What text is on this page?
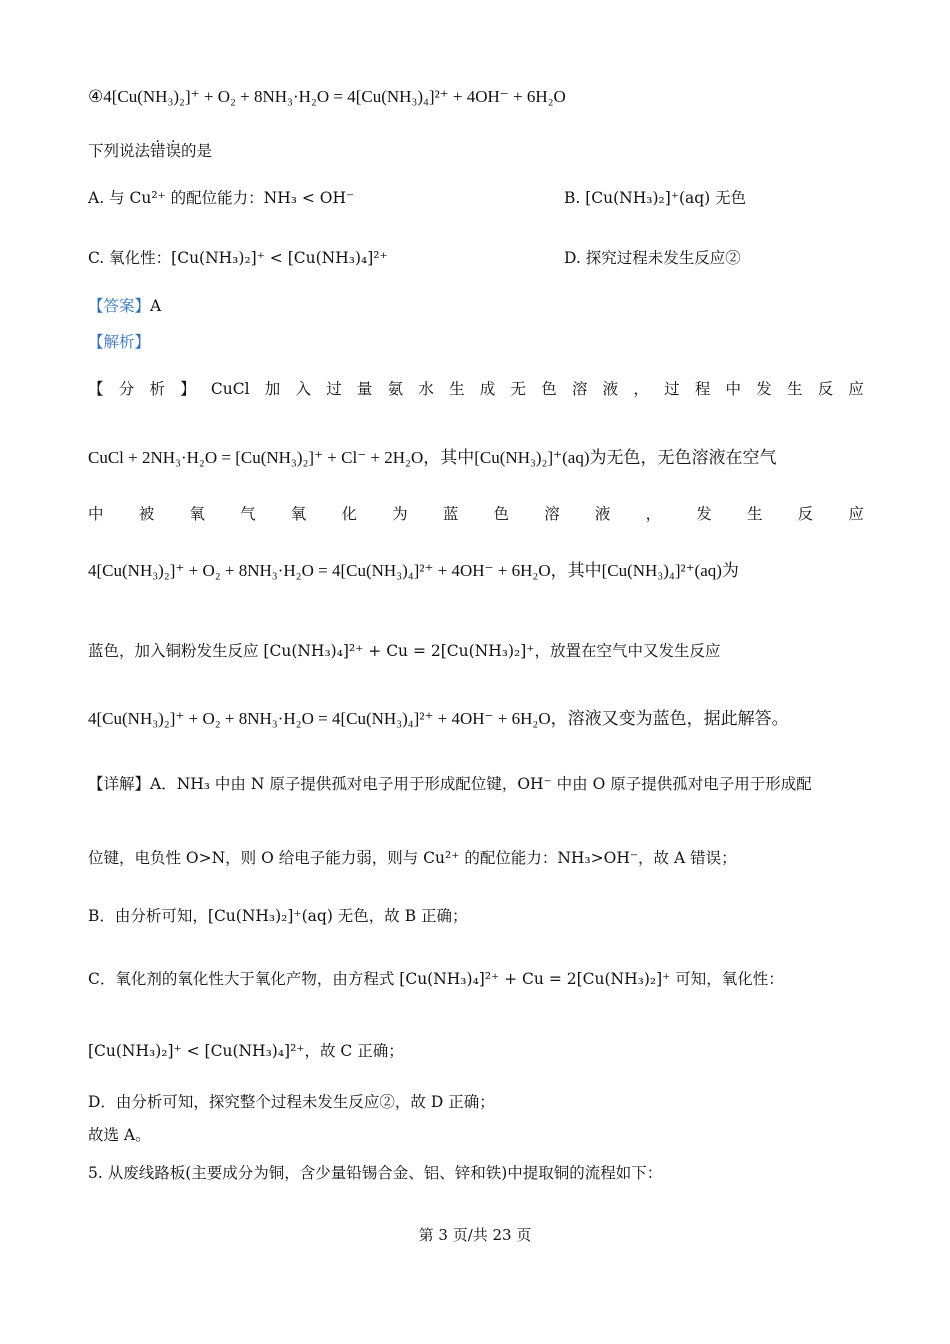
④4[Cu(NH₃)₂]⁺ + O₂ + 8NH₃·H₂O = 4[Cu(NH₃)₄]²⁺ + 4OH⁻ + 6H₂O
下列说法错误的是
A. 与 Cu²⁺ 的配位能力：NH₃ < OH⁻	B. [Cu(NH₃)₂]⁺(aq) 无色
C. 氧化性：[Cu(NH₃)₂]⁺ < [Cu(NH₃)₄]²⁺	D. 探究过程未发生反应②
【答案】A
【解析】
【 分 析 】 CuCl 加 入 过 量 氨 水 生 成 无 色 溶 液 ， 过 程 中 发 生 反 应
CuCl + 2NH₃·H₂O = [Cu(NH₃)₂]⁺ + Cl⁻ + 2H₂O，其中[Cu(NH₃)₂]⁺(aq)为无色，无色溶液在空气
中 被 氧 气 氧 化 为 蓝 色 溶 液 ， 发 生 反 应
4[Cu(NH₃)₂]⁺ + O₂ + 8NH₃·H₂O = 4[Cu(NH₃)₄]²⁺ + 4OH⁻ + 6H₂O，其中[Cu(NH₃)₄]²⁺(aq)为
蓝色，加入铜粉发生反应 [Cu(NH₃)₄]²⁺ + Cu = 2[Cu(NH₃)₂]⁺，放置在空气中又发生反应
4[Cu(NH₃)₂]⁺ + O₂ + 8NH₃·H₂O = 4[Cu(NH₃)₄]²⁺ + 4OH⁻ + 6H₂O，溶液又变为蓝色，据此解答。
【详解】A．NH₃ 中由 N 原子提供孤对电子用于形成配位键，OH⁻ 中由 O 原子提供孤对电子用于形成配
位键，电负性 O>N，则 O 给电子能力弱，则与 Cu²⁺ 的配位能力：NH₃>OH⁻，故 A 错误；
B．由分析可知，[Cu(NH₃)₂]⁺(aq) 无色，故 B 正确；
C．氧化剂的氧化性大于氧化产物，由方程式 [Cu(NH₃)₄]²⁺ + Cu = 2[Cu(NH₃)₂]⁺ 可知，氧化性：
[Cu(NH₃)₂]⁺ < [Cu(NH₃)₄]²⁺，故 C 正确；
D．由分析可知，探究整个过程未发生反应②，故 D 正确；
故选 A。
5. 从废线路板(主要成分为铜，含少量铅锡合金、铝、锌和铁)中提取铜的流程如下：
第 3 页/共 23 页
